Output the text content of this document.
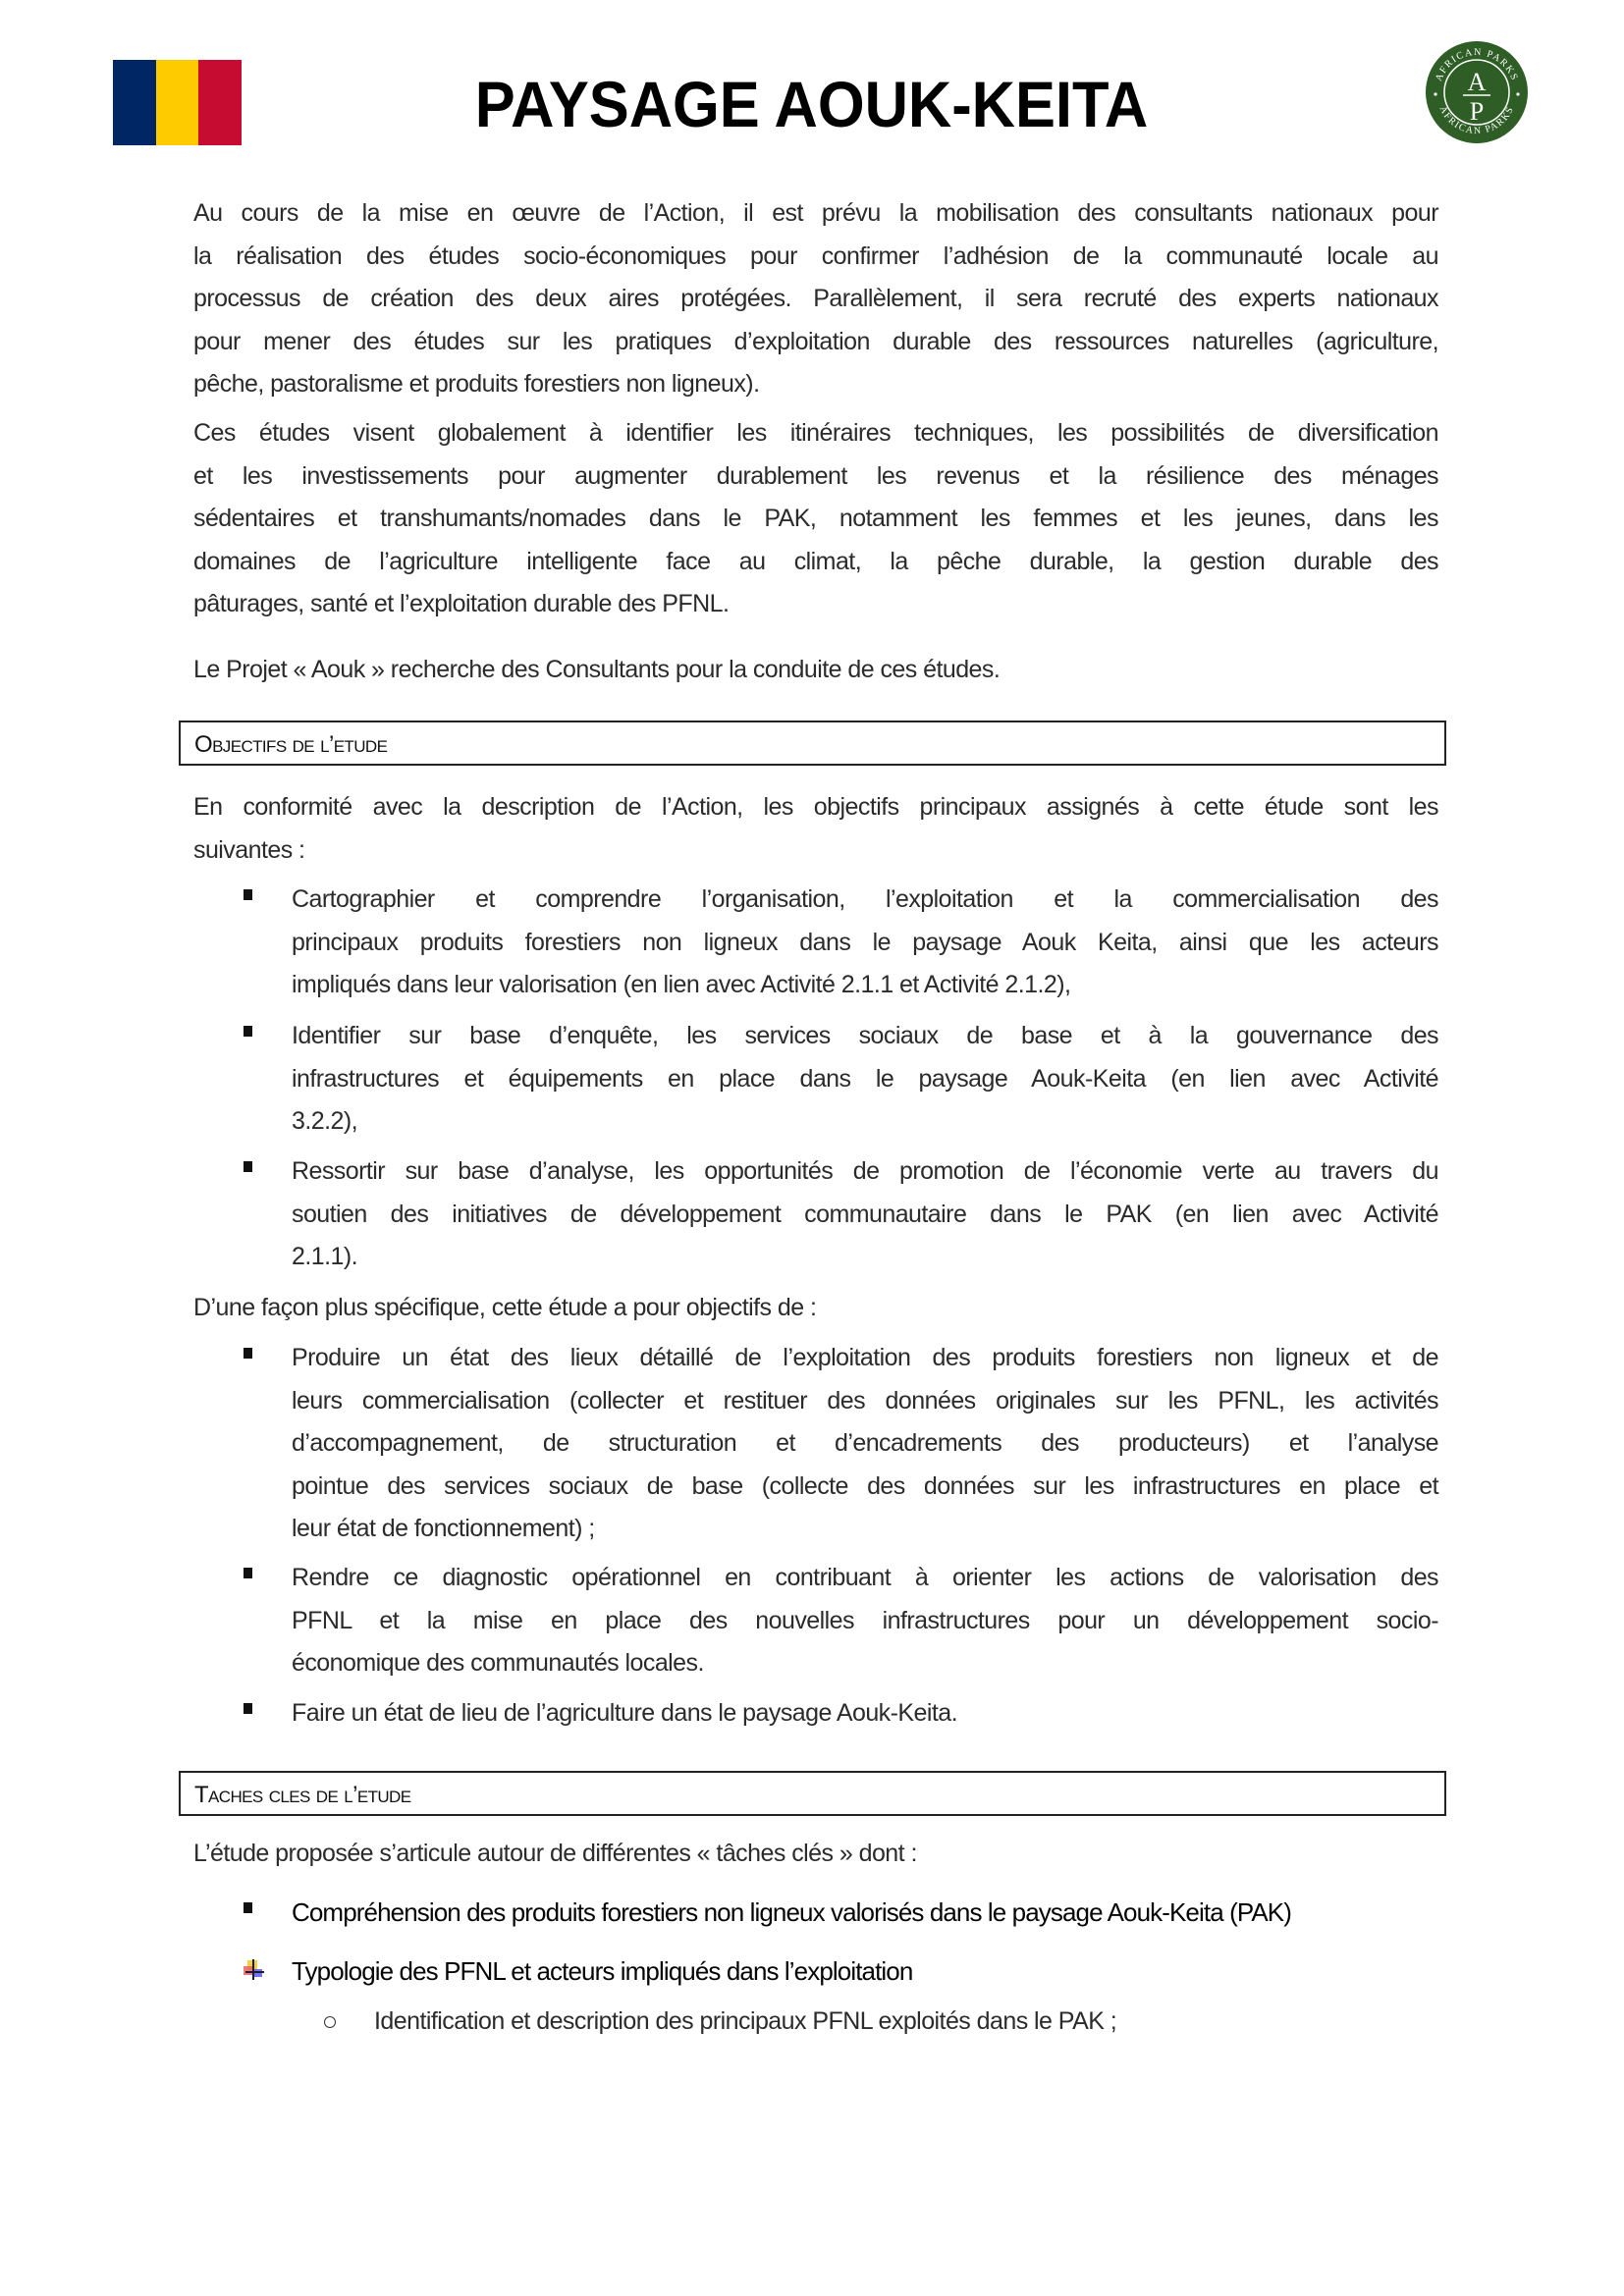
PAYSAGE AOUK-KEITA	AFRICAN PARKS
AFRICAN PARKS
A
P
Au cours de la mise en œuvre de l’Action, il est prévu la mobilisation des consultants nationaux pour
la réalisation des études socio-économiques pour confirmer l’adhésion de la communauté locale au
processus de création des deux aires protégées. Parallèlement, il sera recruté des experts nationaux
pour mener des études sur les pratiques d’exploitation durable des ressources naturelles (agriculture,
pêche, pastoralisme et produits forestiers non ligneux).
Ces études visent globalement à identifier les itinéraires techniques, les possibilités de diversification
et les investissements pour augmenter durablement les revenus et la résilience des ménages
sédentaires et transhumants/nomades dans le PAK, notamment les femmes et les jeunes, dans les
domaines de l’agriculture intelligente face au climat, la pêche durable, la gestion durable des
pâturages, santé et l’exploitation durable des PFNL.
Le Projet « Aouk » recherche des Consultants pour la conduite de ces études.
Objectifs de l’etude
En conformité avec la description de l’Action, les objectifs principaux assignés à cette étude sont les
suivantes :
Cartographier et comprendre l’organisation, l’exploitation et la commercialisation des
principaux produits forestiers non ligneux dans le paysage Aouk Keita, ainsi que les acteurs
impliqués dans leur valorisation (en lien avec Activité 2.1.1 et Activité 2.1.2),
Identifier sur base d’enquête, les services sociaux de base et à la gouvernance des
infrastructures et équipements en place dans le paysage Aouk-Keita (en lien avec Activité
3.2.2),
Ressortir sur base d’analyse, les opportunités de promotion de l’économie verte au travers du
soutien des initiatives de développement communautaire dans le PAK (en lien avec Activité
2.1.1).
D’une façon plus spécifique, cette étude a pour objectifs de :
Produire un état des lieux détaillé de l’exploitation des produits forestiers non ligneux et de
leurs commercialisation (collecter et restituer des données originales sur les PFNL, les activités
d’accompagnement, de structuration et d’encadrements des producteurs) et l’analyse
pointue des services sociaux de base (collecte des données sur les infrastructures en place et
leur état de fonctionnement) ;
Rendre ce diagnostic opérationnel en contribuant à orienter les actions de valorisation des
PFNL et la mise en place des nouvelles infrastructures pour un développement socio-
économique des communautés locales.
Faire un état de lieu de l’agriculture dans le paysage Aouk-Keita.
Taches cles de l’etude
L’étude proposée s’articule autour de différentes « tâches clés » dont :
Compréhension des produits forestiers non ligneux valorisés dans le paysage Aouk-Keita (PAK)
Typologie des PFNL et acteurs impliqués dans l’exploitation
Identification et description des principaux PFNL exploités dans le PAK ;
